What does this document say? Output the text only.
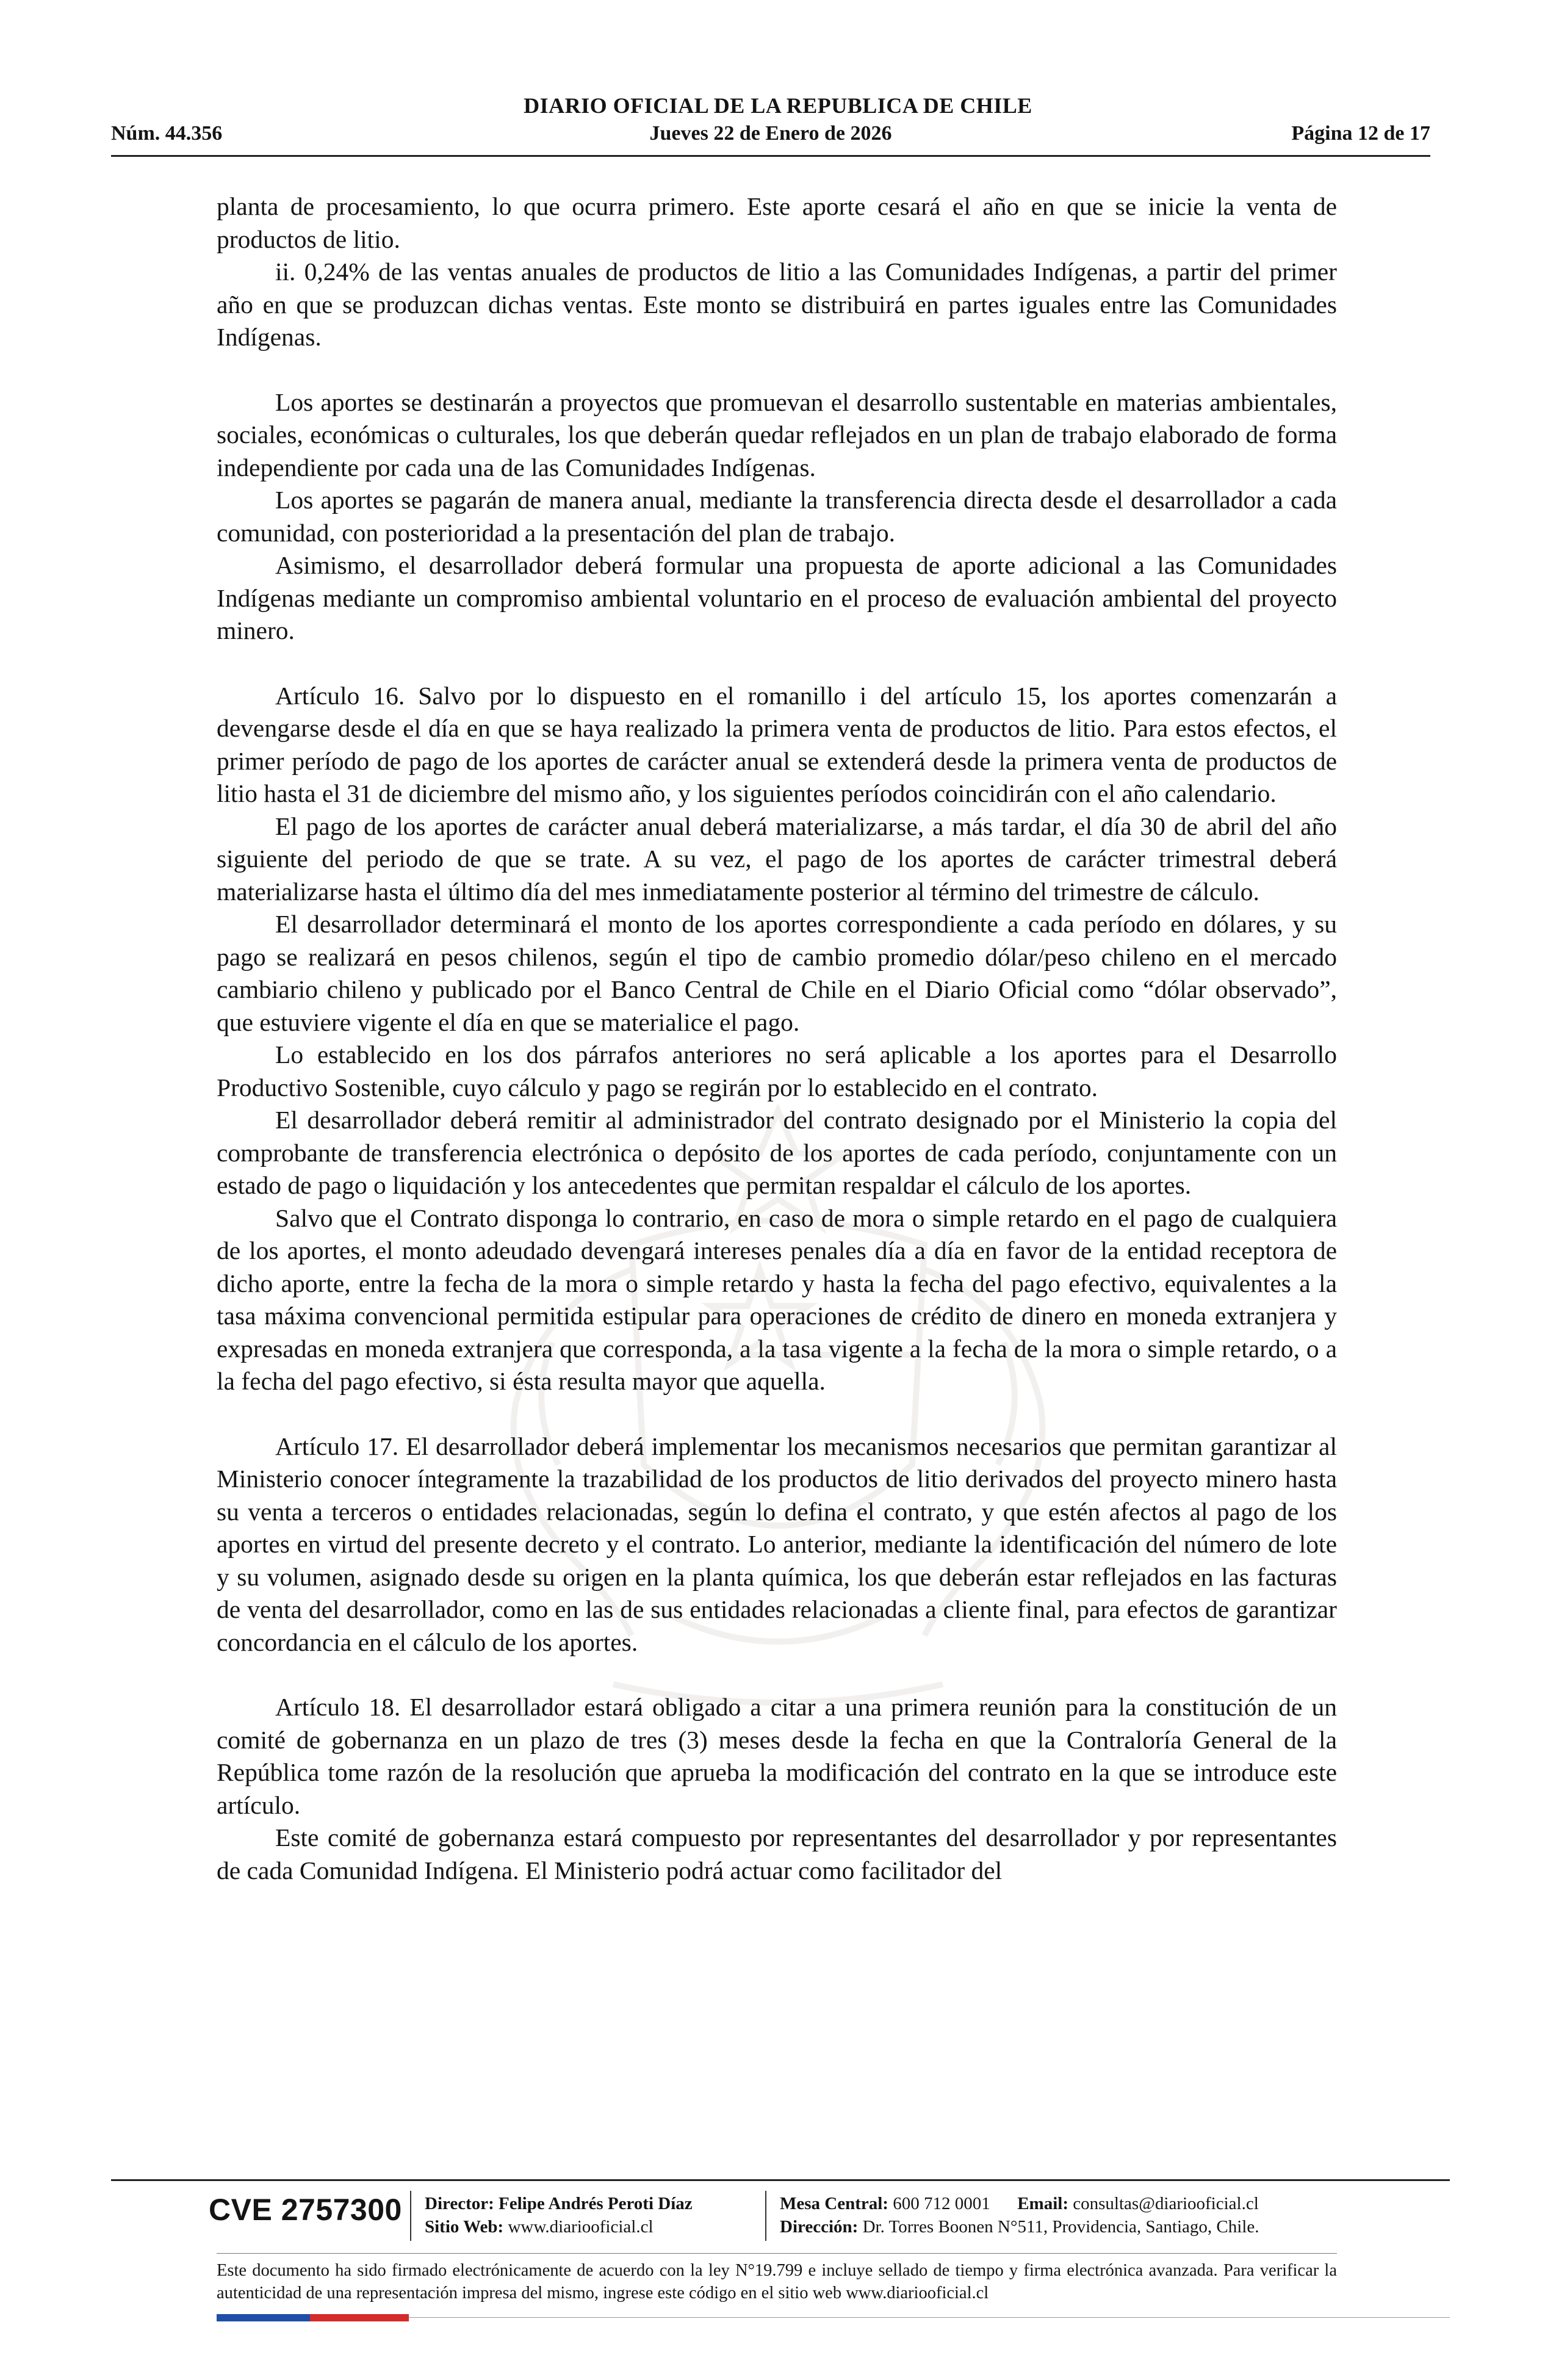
DIARIO OFICIAL DE LA REPUBLICA DE CHILE
Núm. 44.356	Jueves 22 de Enero de 2026	Página 12 de 17

planta de procesamiento, lo que ocurra primero. Este aporte cesará el año en que se inicie la venta de productos de litio.

ii. 0,24% de las ventas anuales de productos de litio a las Comunidades Indígenas, a partir del primer año en que se produzcan dichas ventas. Este monto se distribuirá en partes iguales entre las Comunidades Indígenas.

Los aportes se destinarán a proyectos que promuevan el desarrollo sustentable en materias ambientales, sociales, económicas o culturales, los que deberán quedar reflejados en un plan de trabajo elaborado de forma independiente por cada una de las Comunidades Indígenas.

Los aportes se pagarán de manera anual, mediante la transferencia directa desde el desarrollador a cada comunidad, con posterioridad a la presentación del plan de trabajo.

Asimismo, el desarrollador deberá formular una propuesta de aporte adicional a las Comunidades Indígenas mediante un compromiso ambiental voluntario en el proceso de evaluación ambiental del proyecto minero.

Artículo 16. Salvo por lo dispuesto en el romanillo i del artículo 15, los aportes comenzarán a devengarse desde el día en que se haya realizado la primera venta de productos de litio. Para estos efectos, el primer período de pago de los aportes de carácter anual se extenderá desde la primera venta de productos de litio hasta el 31 de diciembre del mismo año, y los siguientes períodos coincidirán con el año calendario.

El pago de los aportes de carácter anual deberá materializarse, a más tardar, el día 30 de abril del año siguiente del periodo de que se trate. A su vez, el pago de los aportes de carácter trimestral deberá materializarse hasta el último día del mes inmediatamente posterior al término del trimestre de cálculo.

El desarrollador determinará el monto de los aportes correspondiente a cada período en dólares, y su pago se realizará en pesos chilenos, según el tipo de cambio promedio dólar/peso chileno en el mercado cambiario chileno y publicado por el Banco Central de Chile en el Diario Oficial como “dólar observado”, que estuviere vigente el día en que se materialice el pago.

Lo establecido en los dos párrafos anteriores no será aplicable a los aportes para el Desarrollo Productivo Sostenible, cuyo cálculo y pago se regirán por lo establecido en el contrato.

El desarrollador deberá remitir al administrador del contrato designado por el Ministerio la copia del comprobante de transferencia electrónica o depósito de los aportes de cada período, conjuntamente con un estado de pago o liquidación y los antecedentes que permitan respaldar el cálculo de los aportes.

Salvo que el Contrato disponga lo contrario, en caso de mora o simple retardo en el pago de cualquiera de los aportes, el monto adeudado devengará intereses penales día a día en favor de la entidad receptora de dicho aporte, entre la fecha de la mora o simple retardo y hasta la fecha del pago efectivo, equivalentes a la tasa máxima convencional permitida estipular para operaciones de crédito de dinero en moneda extranjera y expresadas en moneda extranjera que corresponda, a la tasa vigente a la fecha de la mora o simple retardo, o a la fecha del pago efectivo, si ésta resulta mayor que aquella.

Artículo 17. El desarrollador deberá implementar los mecanismos necesarios que permitan garantizar al Ministerio conocer íntegramente la trazabilidad de los productos de litio derivados del proyecto minero hasta su venta a terceros o entidades relacionadas, según lo defina el contrato, y que estén afectos al pago de los aportes en virtud del presente decreto y el contrato. Lo anterior, mediante la identificación del número de lote y su volumen, asignado desde su origen en la planta química, los que deberán estar reflejados en las facturas de venta del desarrollador, como en las de sus entidades relacionadas a cliente final, para efectos de garantizar concordancia en el cálculo de los aportes.

Artículo 18. El desarrollador estará obligado a citar a una primera reunión para la constitución de un comité de gobernanza en un plazo de tres (3) meses desde la fecha en que la Contraloría General de la República tome razón de la resolución que aprueba la modificación del contrato en la que se introduce este artículo.

Este comité de gobernanza estará compuesto por representantes del desarrollador y por representantes de cada Comunidad Indígena. El Ministerio podrá actuar como facilitador del

CVE 2757300 Director: Felipe Andrés Peroti Díaz
Sitio Web: www.diariooficial.cl
Mesa Central: 600 712 0001 Email: consultas@diariooficial.cl
Dirección: Dr. Torres Boonen N°511, Providencia, Santiago, Chile.
Este documento ha sido firmado electrónicamente de acuerdo con la ley N°19.799 e incluye sellado de tiempo y firma electrónica avanzada. Para verificar la autenticidad de una representación impresa del mismo, ingrese este código en el sitio web www.diariooficial.cl
